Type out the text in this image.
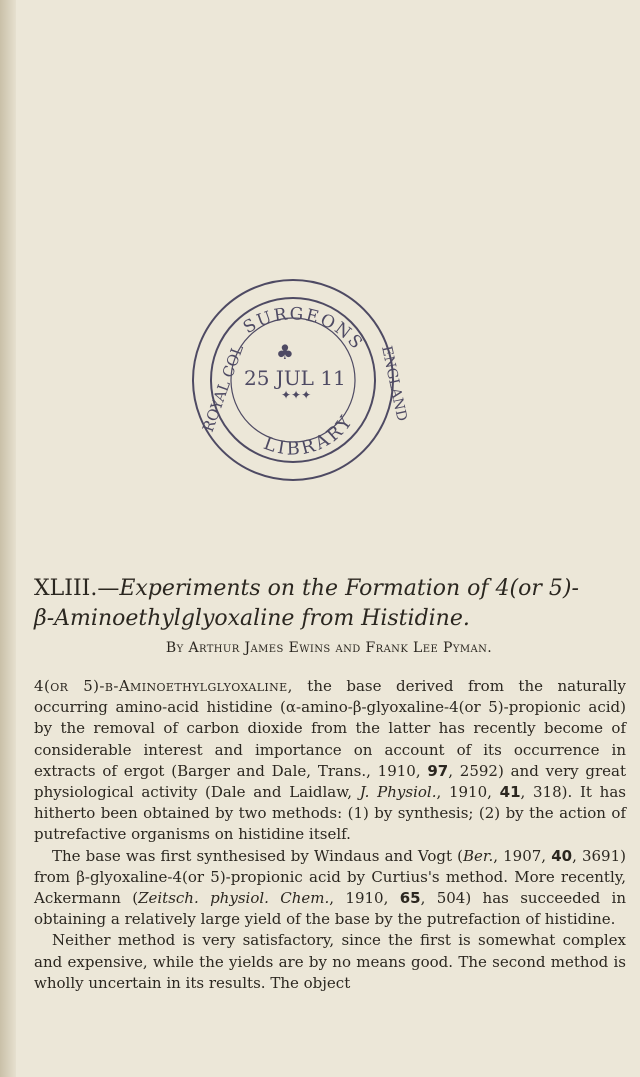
SURGEONS
ROYAL COL	ENGLAND
25 JUL 11
♣
✦✦✦
LIBRARY
XLIII.—Experiments on the Formation of 4(or 5)-
β-Aminoethylglyoxaline from Histidine.
By Arthur James Ewins and Frank Lee Pyman.

4(or 5)-β-Aminoethylglyoxaline, the base derived from the naturally occurring amino-acid histidine (α-amino-β-glyoxaline-4(or 5)-propionic acid) by the removal of carbon dioxide from the latter has recently become of considerable interest and importance on account of its occurrence in extracts of ergot (Barger and Dale, Trans., 1910, 97, 2592) and very great physiological activity (Dale and Laidlaw, J. Physiol., 1910, 41, 318). It has hitherto been obtained by two methods: (1) by synthesis; (2) by the action of putrefactive organisms on histidine itself.

The base was first synthesised by Windaus and Vogt (Ber., 1907, 40, 3691) from β-glyoxaline-4(or 5)-propionic acid by Curtius's method. More recently, Ackermann (Zeitsch. physiol. Chem., 1910, 65, 504) has succeeded in obtaining a relatively large yield of the base by the putrefaction of histidine.

Neither method is very satisfactory, since the first is somewhat complex and expensive, while the yields are by no means good. The second method is wholly uncertain in its results. The object
